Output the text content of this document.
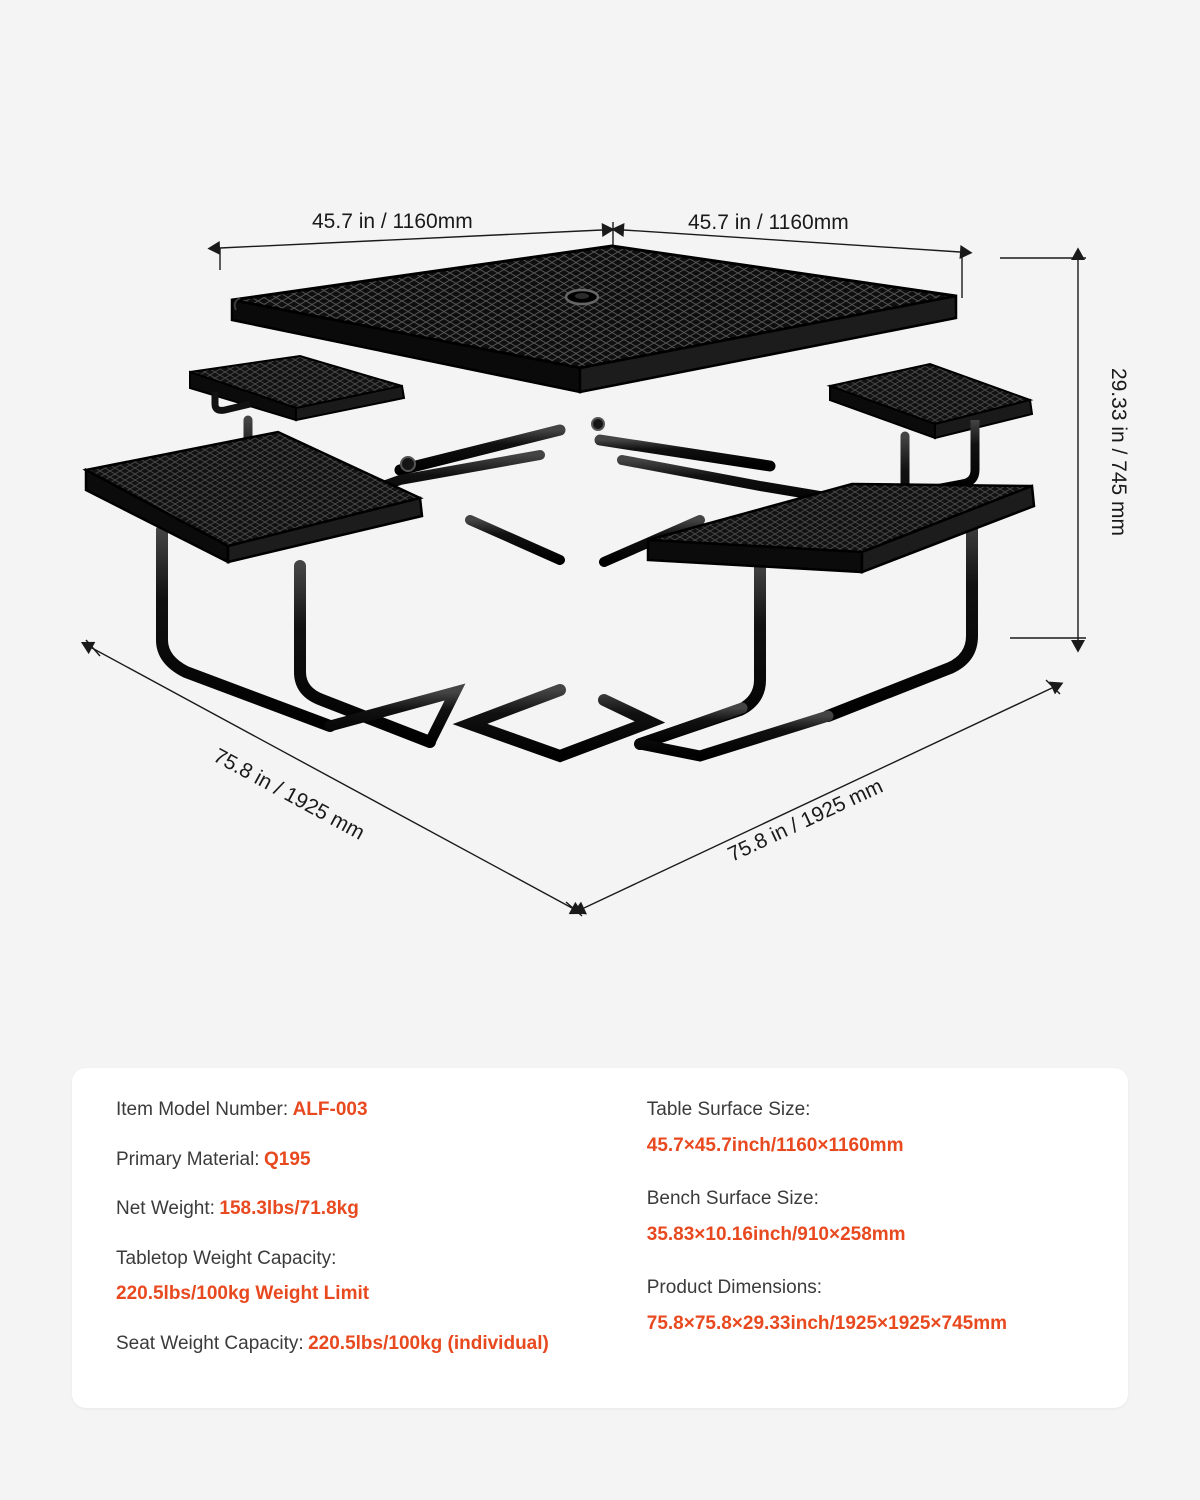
45.7 in / 1160mm	45.7 in / 1160mm
29.33 in / 745 mm
75.8 in / 1925 mm	75.8 in / 1925 mm
Item Model Number: ALF-003
Primary Material: Q195
Net Weight: 158.3lbs/71.8kg
Tabletop Weight Capacity:
220.5lbs/100kg Weight Limit
Seat Weight Capacity: 220.5lbs/100kg (individual)
Table Surface Size:
45.7×45.7inch/1160×1160mm
Bench Surface Size:
35.83×10.16inch/910×258mm
Product Dimensions:
75.8×75.8×29.33inch/1925×1925×745mm
